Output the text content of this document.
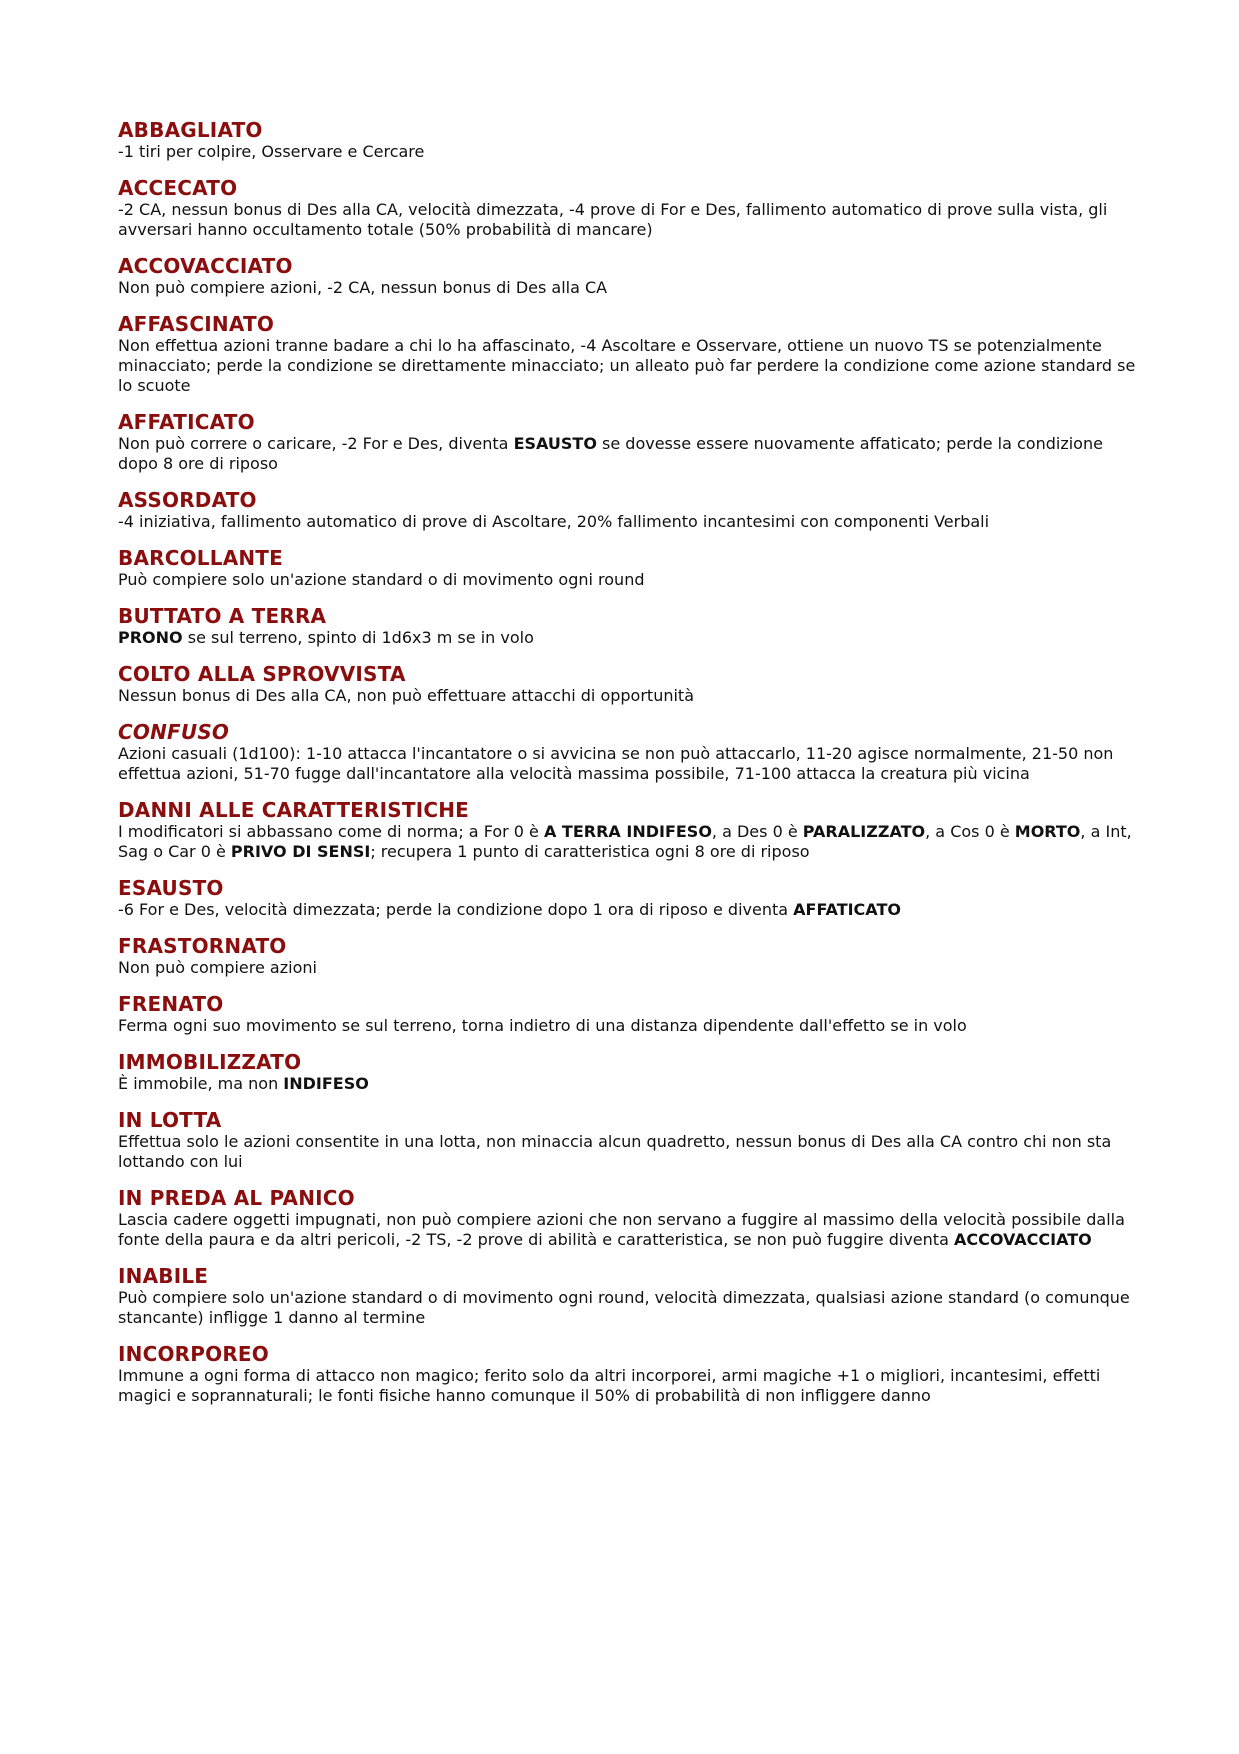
ABBAGLIATO
-1 tiri per colpire, Osservare e Cercare
ACCECATO
-2 CA, nessun bonus di Des alla CA, velocità dimezzata, -4 prove di For e Des, fallimento automatico di prove sulla vista, gli avversari hanno occultamento totale (50% probabilità di mancare)
ACCOVACCIATO
Non può compiere azioni, -2 CA, nessun bonus di Des alla CA
AFFASCINATO
Non effettua azioni tranne badare a chi lo ha affascinato, -4 Ascoltare e Osservare, ottiene un nuovo TS se potenzialmente minacciato; perde la condizione se direttamente minacciato; un alleato può far perdere la condizione come azione standard se lo scuote
AFFATICATO
Non può correre o caricare, -2 For e Des, diventa ESAUSTO se dovesse essere nuovamente affaticato; perde la condizione dopo 8 ore di riposo
ASSORDATO
-4 iniziativa, fallimento automatico di prove di Ascoltare, 20% fallimento incantesimi con componenti Verbali
BARCOLLANTE
Può compiere solo un'azione standard o di movimento ogni round
BUTTATO A TERRA
PRONO se sul terreno, spinto di 1d6x3 m se in volo
COLTO ALLA SPROVVISTA
Nessun bonus di Des alla CA, non può effettuare attacchi di opportunità
CONFUSO
Azioni casuali (1d100): 1-10 attacca l'incantatore o si avvicina se non può attaccarlo, 11-20 agisce normalmente, 21-50 non effettua azioni, 51-70 fugge dall'incantatore alla velocità massima possibile, 71-100 attacca la creatura più vicina
DANNI ALLE CARATTERISTICHE
I modificatori si abbassano come di norma; a For 0 è A TERRA INDIFESO, a Des 0 è PARALIZZATO, a Cos 0 è MORTO, a Int, Sag o Car 0 è PRIVO DI SENSI; recupera 1 punto di caratteristica ogni 8 ore di riposo
ESAUSTO
-6 For e Des, velocità dimezzata; perde la condizione dopo 1 ora di riposo e diventa AFFATICATO
FRASTORNATO
Non può compiere azioni
FRENATO
Ferma ogni suo movimento se sul terreno, torna indietro di una distanza dipendente dall'effetto se in volo
IMMOBILIZZATO
È immobile, ma non INDIFESO
IN LOTTA
Effettua solo le azioni consentite in una lotta, non minaccia alcun quadretto, nessun bonus di Des alla CA contro chi non sta lottando con lui
IN PREDA AL PANICO
Lascia cadere oggetti impugnati, non può compiere azioni che non servano a fuggire al massimo della velocità possibile dalla fonte della paura e da altri pericoli, -2 TS, -2 prove di abilità e caratteristica, se non può fuggire diventa ACCOVACCIATO
INABILE
Può compiere solo un'azione standard o di movimento ogni round, velocità dimezzata, qualsiasi azione standard (o comunque stancante) infligge 1 danno al termine
INCORPOREO
Immune a ogni forma di attacco non magico; ferito solo da altri incorporei, armi magiche +1 o migliori, incantesimi, effetti magici e soprannaturali; le fonti fisiche hanno comunque il 50% di probabilità di non infliggere danno
